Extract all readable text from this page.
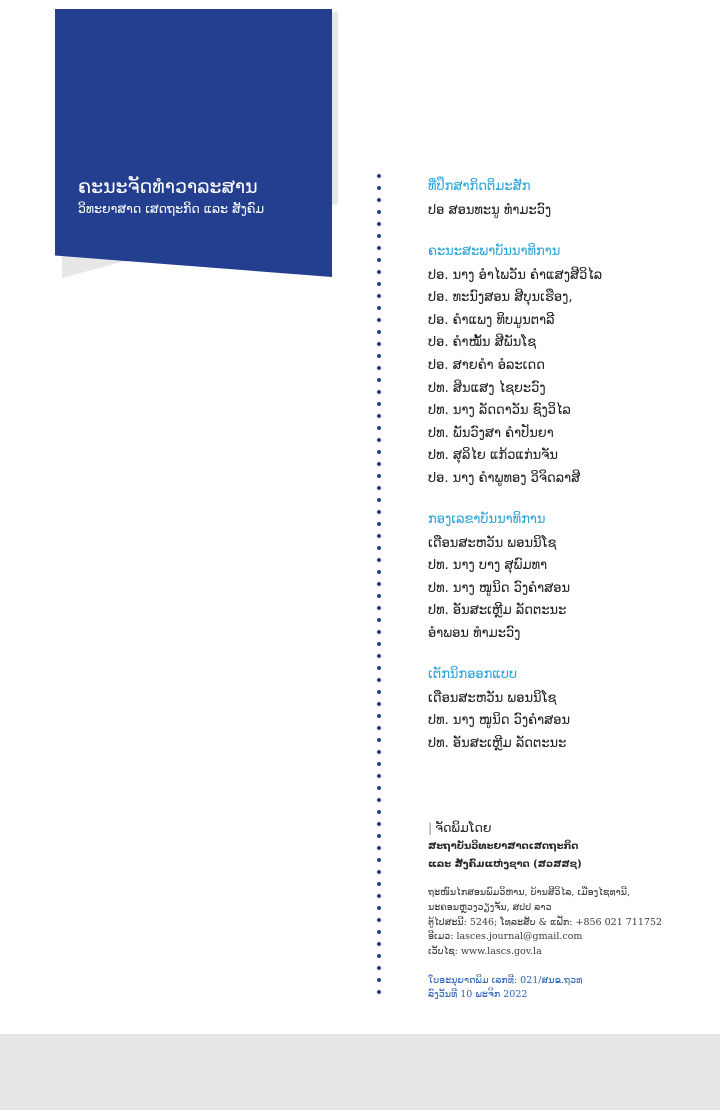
ຄະນະຈັດທຳວາລະສານ
ວິທະຍາສາດ ເສດຖະກິດ ແລະ ສັງຄົມ
ທີ່ປຶກສາກິດຕິມະສັກ
ປອ ສອນທະນູ ທຳມະວົງ
ຄະນະສະພາບັນນາທິການ
ປອ. ນາງ ອຳໄພວັນ ຄຳແສງສີວິໄລ
ປອ. ທະນົງສອນ ສີບຸນເຮືອງ,
ປອ. ຄຳແພງ ທິບມູນຕາລີ
ປອ. ຄຳໝັ້ນ ສີພັນໂຊ
ປອ. ສາຍຄຳ ອໍລະເດດ
ປທ. ສິນແສງ ໄຊຍະວົງ
ປທ. ນາງ ລັດດາວັນ ຊົງວິໄລ
ປທ. ພັນວົງສາ ຄຳປັນຍາ
ປທ. ສຸລິໄຍ ແກ້ວແກ່ນຈັນ
ປອ. ນາງ ຄຳພູທອງ ວິຈິດລາສີ
ກອງເລຂາບັນນາທິການ
ເດືອນສະຫວັນ ພອນນິໂຊ
ປທ. ນາງ ບາງ ສຸພົມທາ
ປທ. ນາງ ໜູນິດ ວົງຄຳສອນ
ປທ. ອັນສະເຫຼີມ ລັດຕະນະ
ອຳພອນ ທຳມະວົງ
ເຕັກນິກອອກແບບ
ເດືອນສະຫວັນ ພອນນິໂຊ
ປທ. ນາງ ໜູນິດ ວົງຄຳສອນ
ປທ. ອັນສະເຫຼີມ ລັດຕະນະ
| ຈັດພິມໂດຍ
ສະຖາບັນວິທະຍາສາດເສດຖະກິດ
ແລະ ສັງຄົມແຫ່ງຊາດ (ສວສສຊ)
ຖະໜົນໄກສອນພົມວິຫານ, ບ້ານສີວິໄລ, ເມືອງໄຊທານີ,
ນະຄອນຫຼວງວຽງຈັນ, ສປປ ລາວ
ຕູ້ໄປສະນີ: 5246; ໂທລະສັບ & ແຟັກ: +856 021 711752
ອີເມວ: lasces.journal@gmail.com
ເວັບໄຊ: www.lascs.gov.la
ໃບອະນຸຍາດພິມ ເລກທີ: 021/ສນຂ.ຖວທ
ລົງວັນທີ 10 ພະຈິກ 2022
